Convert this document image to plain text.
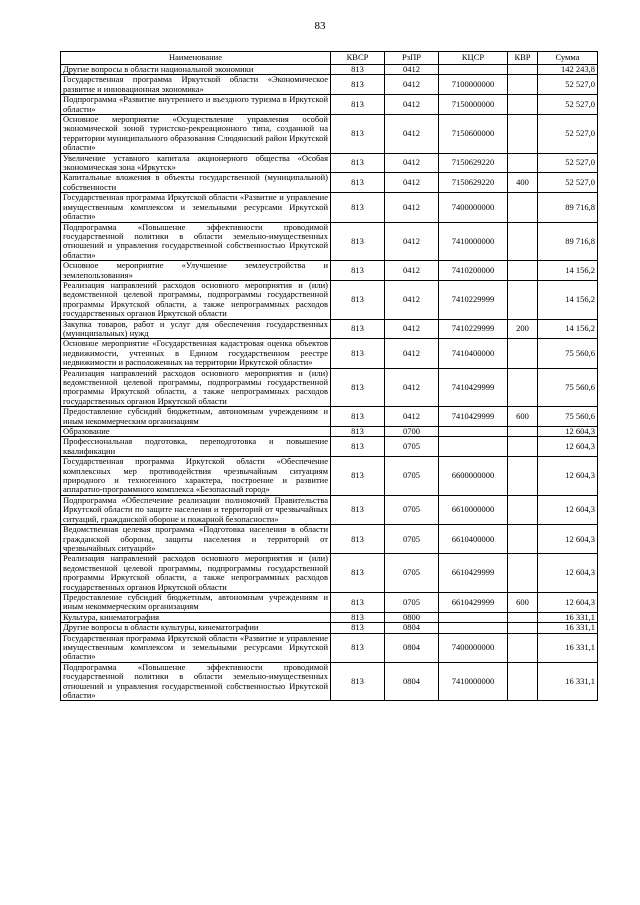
83
Наименование	КВСР	РзПР	КЦСР	КВР	Сумма
Другие вопросы в области национальной экономики	813	0412			142 243,8
Государственная программа Иркутской области «Экономическое развитие и инновационная экономика»	813	0412	7100000000		52 527,0
Подпрограмма «Развитие внутреннего и въездного туризма в Иркутской области»	813	0412	7150000000		52 527,0
Основное мероприятие «Осуществление управления особой экономической зоной туристско-рекреационного типа, созданной на территории муниципального образования Слюдянский район Иркутской области»	813	0412	7150600000		52 527,0
Увеличение уставного капитала акционерного общества «Особая экономическая зона «Иркутск»	813	0412	7150629220		52 527,0
Капитальные вложения в объекты государственной (муниципальной) собственности	813	0412	7150629220	400	52 527,0
Государственная программа Иркутской области «Развитие и управление имущественным комплексом и земельными ресурсами Иркутской области»	813	0412	7400000000		89 716,8
Подпрограмма «Повышение эффективности проводимой государственной политики в области земельно-имущественных отношений и управления государственной собственностью Иркутской области»	813	0412	7410000000		89 716,8
Основное мероприятие «Улучшение землеустройства и землепользования»	813	0412	7410200000		14 156,2
Реализация направлений расходов основного мероприятия и (или) ведомственной целевой программы, подпрограммы государственной программы Иркутской области, а также непрограммных расходов государственных органов Иркутской области	813	0412	7410229999		14 156,2
Закупка товаров, работ и услуг для обеспечения государственных (муниципальных) нужд	813	0412	7410229999	200	14 156,2
Основное мероприятие «Государственная кадастровая оценка объектов недвижимости, учтенных в Едином государственном реестре недвижимости и расположенных на территории Иркутской области»	813	0412	7410400000		75 560,6
Реализация направлений расходов основного мероприятия и (или) ведомственной целевой программы, подпрограммы государственной программы Иркутской области, а также непрограммных расходов государственных органов Иркутской области	813	0412	7410429999		75 560,6
Предоставление субсидий бюджетным, автономным учреждениям и иным некоммерческим организациям	813	0412	7410429999	600	75 560,6
Образование	813	0700			12 604,3
Профессиональная подготовка, переподготовка и повышение квалификации	813	0705			12 604,3
Государственная программа Иркутской области «Обеспечение комплексных мер противодействия чрезвычайным ситуациям природного и техногенного характера, построение и развитие аппаратно-программного комплекса «Безопасный город»	813	0705	6600000000		12 604,3
Подпрограмма «Обеспечение реализации полномочий Правительства Иркутской области по защите населения и территорий от чрезвычайных ситуаций, гражданской обороне и пожарной безопасности»	813	0705	6610000000		12 604,3
Ведомственная целевая программа «Подготовка населения в области гражданской обороны, защиты населения и территорий от чрезвычайных ситуаций»	813	0705	6610400000		12 604,3
Реализация направлений расходов основного мероприятия и (или) ведомственной целевой программы, подпрограммы государственной программы Иркутской области, а также непрограммных расходов государственных органов Иркутской области	813	0705	6610429999		12 604,3
Предоставление субсидий бюджетным, автономным учреждениям и иным некоммерческим организациям	813	0705	6610429999	600	12 604,3
Культура, кинематография	813	0800			16 331,1
Другие вопросы в области культуры, кинематографии	813	0804			16 331,1
Государственная программа Иркутской области «Развитие и управление имущественным комплексом и земельными ресурсами Иркутской области»	813	0804	7400000000		16 331,1
Подпрограмма «Повышение эффективности проводимой государственной политики в области земельно-имущественных отношений и управления государственной собственностью Иркутской области»	813	0804	7410000000		16 331,1
